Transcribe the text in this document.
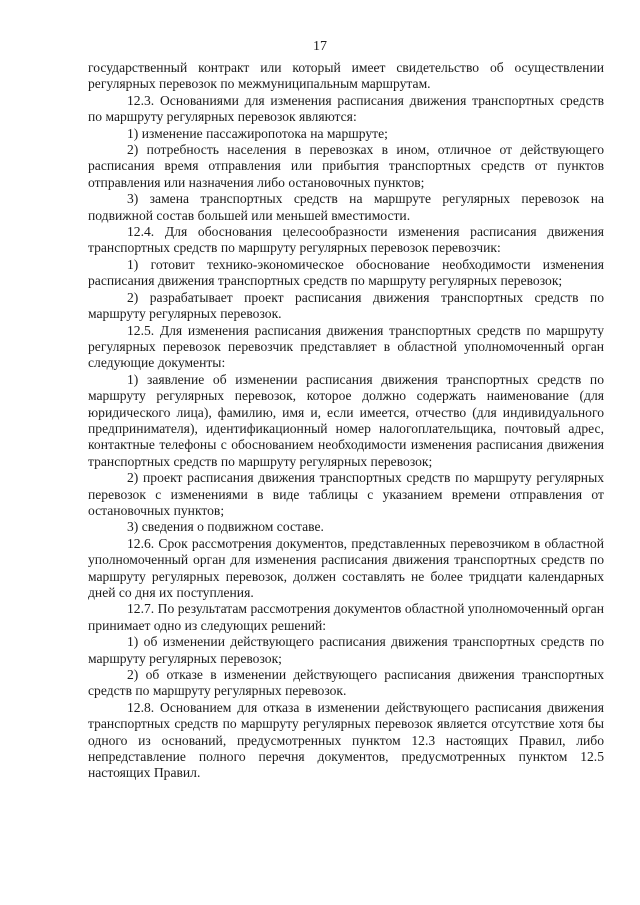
17

государственный контракт или который имеет свидетельство об осуществлении регулярных перевозок по межмуниципальным маршрутам.

12.3. Основаниями для изменения расписания движения транспортных средств по маршруту регулярных перевозок являются:

1) изменение пассажиропотока на маршруте;

2) потребность населения в перевозках в ином, отличное от действующего расписания время отправления или прибытия транспортных средств от пунктов отправления или назначения либо остановочных пунктов;

3) замена транспортных средств на маршруте регулярных перевозок на подвижной состав большей или меньшей вместимости.

12.4. Для обоснования целесообразности изменения расписания движения транспортных средств по маршруту регулярных перевозок перевозчик:

1) готовит технико-экономическое обоснование необходимости изменения расписания движения транспортных средств по маршруту регулярных перевозок;

2) разрабатывает проект расписания движения транспортных средств по маршруту регулярных перевозок.

12.5. Для изменения расписания движения транспортных средств по маршруту регулярных перевозок перевозчик представляет в областной уполномоченный орган следующие документы:

1) заявление об изменении расписания движения транспортных средств по маршруту регулярных перевозок, которое должно содержать наименование (для юридического лица), фамилию, имя и, если имеется, отчество (для индивидуального предпринимателя), идентификационный номер налогоплательщика, почтовый адрес, контактные телефоны с обоснованием необходимости изменения расписания движения транспортных средств по маршруту регулярных перевозок;

2) проект расписания движения транспортных средств по маршруту регулярных перевозок с изменениями в виде таблицы с указанием времени отправления от остановочных пунктов;

3) сведения о подвижном составе.

12.6. Срок рассмотрения документов, представленных перевозчиком в областной уполномоченный орган для изменения расписания движения транспортных средств по маршруту регулярных перевозок, должен составлять не более тридцати календарных дней со дня их поступления.

12.7. По результатам рассмотрения документов областной уполномоченный орган принимает одно из следующих решений:

1) об изменении действующего расписания движения транспортных средств по маршруту регулярных перевозок;

2) об отказе в изменении действующего расписания движения транспортных средств по маршруту регулярных перевозок.

12.8. Основанием для отказа в изменении действующего расписания движения транспортных средств по маршруту регулярных перевозок является отсутствие хотя бы одного из оснований, предусмотренных пунктом 12.3 настоящих Правил, либо непредставление полного перечня документов, предусмотренных пунктом 12.5 настоящих Правил.
